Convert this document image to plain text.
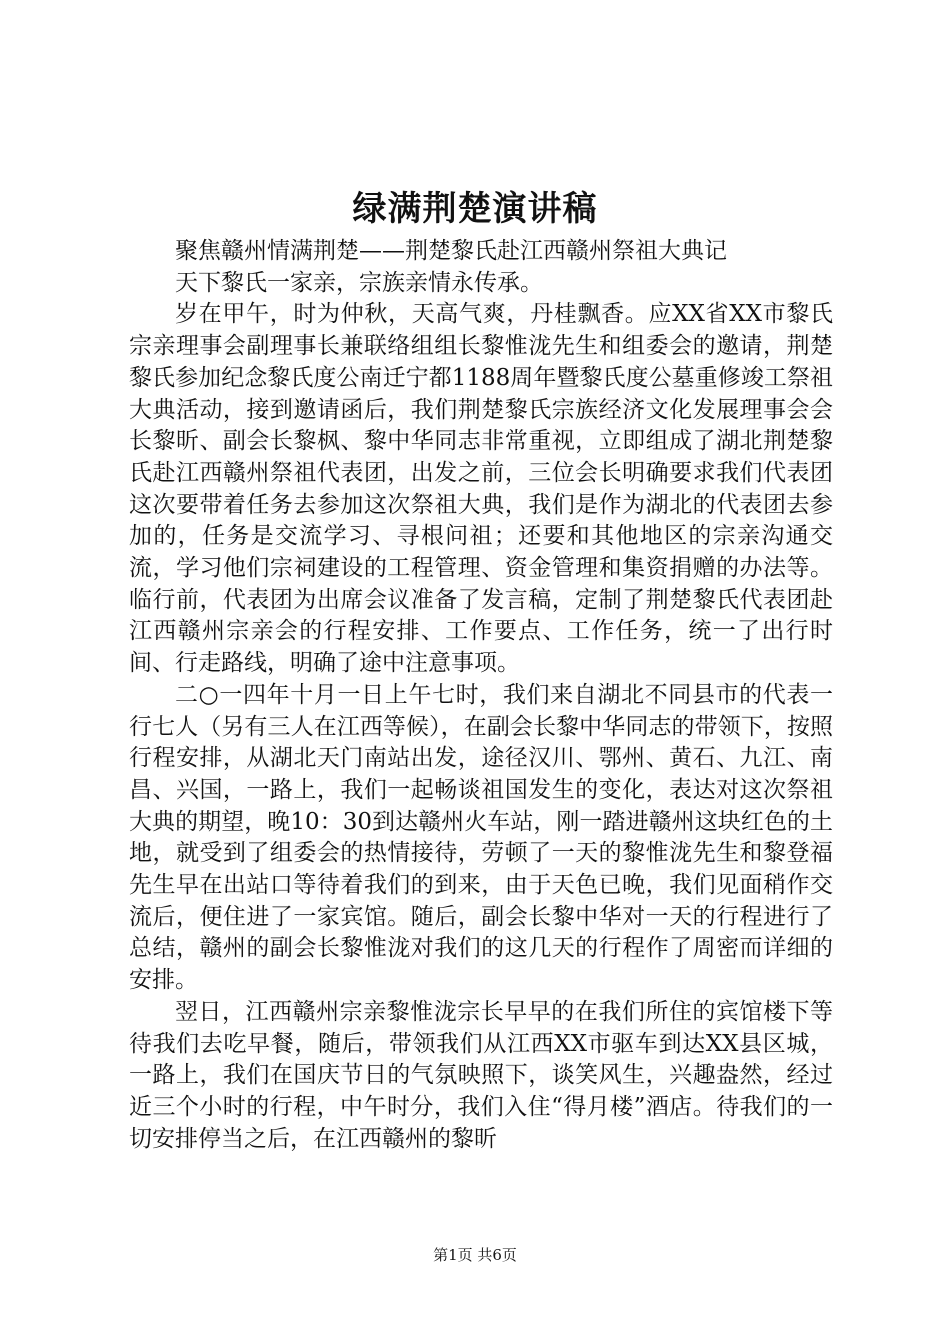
绿满荆楚演讲稿

聚焦赣州情满荆楚——荆楚黎氏赴江西赣州祭祖大典记

天下黎氏一家亲，宗族亲情永传承。

岁在甲午，时为仲秋，天高气爽，丹桂飘香。应XX省XX市黎氏宗亲理事会副理事长兼联络组组长黎惟泷先生和组委会的邀请，荆楚黎氏参加纪念黎氏度公南迁宁都1188周年暨黎氏度公墓重修竣工祭祖大典活动，接到邀请函后，我们荆楚黎氏宗族经济文化发展理事会会长黎昕、副会长黎枫、黎中华同志非常重视，立即组成了湖北荆楚黎氏赴江西赣州祭祖代表团，出发之前，三位会长明确要求我们代表团这次要带着任务去参加这次祭祖大典，我们是作为湖北的代表团去参加的，任务是交流学习、寻根问祖；还要和其他地区的宗亲沟通交流，学习他们宗祠建设的工程管理、资金管理和集资捐赠的办法等。临行前，代表团为出席会议准备了发言稿，定制了荆楚黎氏代表团赴江西赣州宗亲会的行程安排、工作要点、工作任务，统一了出行时间、行走路线，明确了途中注意事项。

二○一四年十月一日上午七时，我们来自湖北不同县市的代表一行七人（另有三人在江西等候），在副会长黎中华同志的带领下，按照行程安排，从湖北天门南站出发，途径汉川、鄂州、黄石、九江、南昌、兴国，一路上，我们一起畅谈祖国发生的变化，表达对这次祭祖大典的期望，晚10：30到达赣州火车站，刚一踏进赣州这块红色的土地，就受到了组委会的热情接待，劳顿了一天的黎惟泷先生和黎登福先生早在出站口等待着我们的到来，由于天色已晚，我们见面稍作交流后，便住进了一家宾馆。随后，副会长黎中华对一天的行程进行了总结，赣州的副会长黎惟泷对我们的这几天的行程作了周密而详细的安排。

翌日，江西赣州宗亲黎惟泷宗长早早的在我们所住的宾馆楼下等待我们去吃早餐，随后，带领我们从江西XX市驱车到达XX县区城，一路上，我们在国庆节日的气氛映照下，谈笑风生，兴趣盎然，经过近三个小时的行程，中午时分，我们入住“得月楼”酒店。待我们的一切安排停当之后，在江西赣州的黎昕

第1页 共6页
